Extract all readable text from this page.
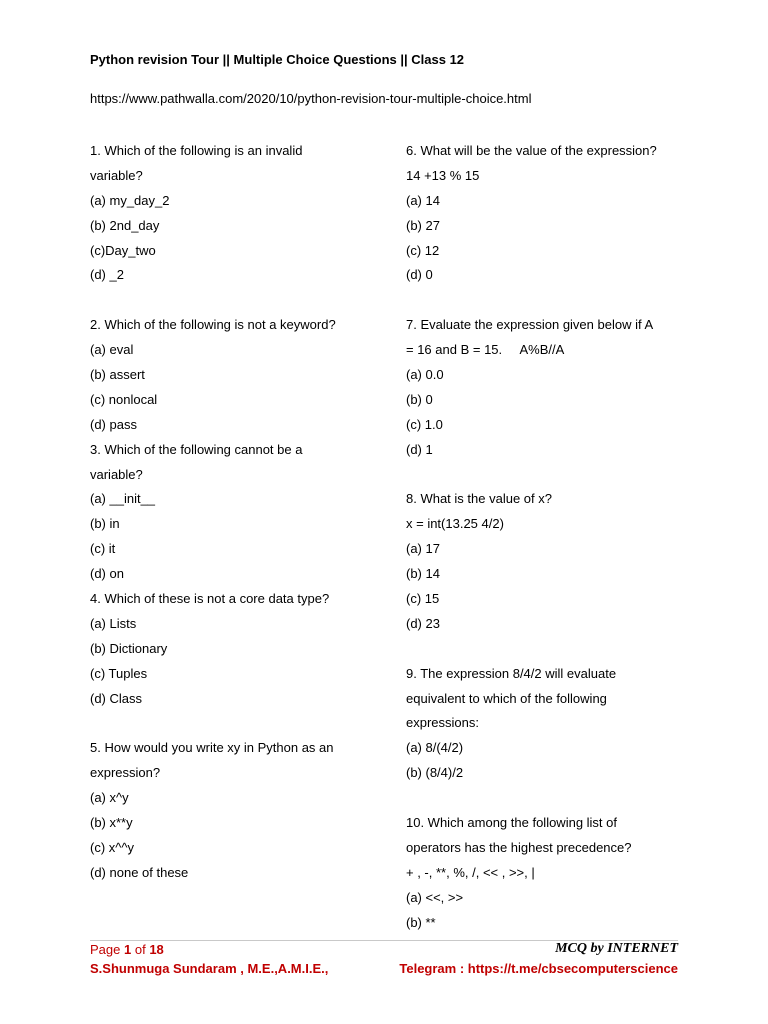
Python revision Tour || Multiple Choice Questions || Class 12
https://www.pathwalla.com/2020/10/python-revision-tour-multiple-choice.html
1. Which of the following is an invalid
variable?
(a) my_day_2
(b) 2nd_day
(c)Day_two
(d) _2
2. Which of the following is not a keyword?
(a) eval
(b) assert
(c) nonlocal
(d) pass
3. Which of the following cannot be a
variable?
(a) __init__
(b) in
(c) it
(d) on
4. Which of these is not a core data type?
(a) Lists
(b) Dictionary
(c) Tuples
(d) Class
5. How would you write xy in Python as an
expression?
(a) x^y
(b) x**y
(c) x^^y
(d) none of these
6. What will be the value of the expression?
14 +13 % 15
(a) 14
(b) 27
(c) 12
(d) 0
7. Evaluate the expression given below if A
= 16 and B = 15.     A%B//A
(a) 0.0
(b) 0
(c) 1.0
(d) 1
8. What is the value of x?
x = int(13.25 4/2)
(a) 17
(b) 14
(c) 15
(d) 23
9. The expression 8/4/2 will evaluate
equivalent to which of the following
expressions:
(a) 8/(4/2)
(b) (8/4)/2
10. Which among the following list of
operators has the highest precedence?
+ , -, **, %, /, << , >>, |
(a) <<, >>
(b) **
Page 1 of 18	MCQ by INTERNET
S.Shunmuga Sundaram , M.E.,A.M.I.E.,	Telegram : https://t.me/cbsecomputerscience
